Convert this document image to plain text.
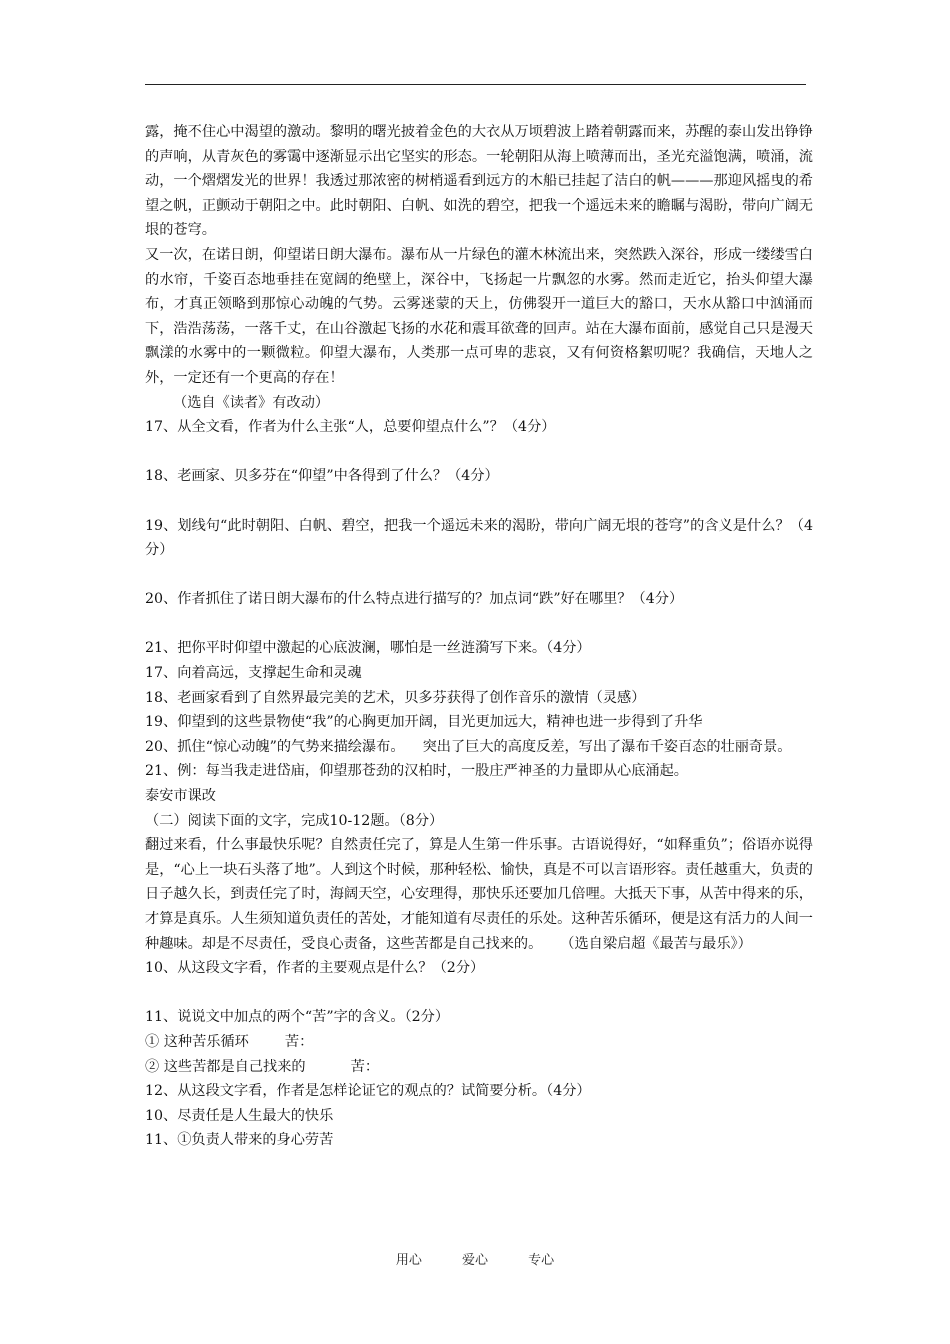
露，掩不住心中渴望的激动。黎明的曙光披着金色的大衣从万顷碧波上踏着朝露而来，苏醒的泰山发出铮铮的声响，从青灰色的雾霭中逐渐显示出它坚实的形态。一轮朝阳从海上喷薄而出，圣光充溢饱满，喷涌，流动，一个熠熠发光的世界！我透过那浓密的树梢遥看到远方的木船已挂起了洁白的帆———那迎风摇曳的希望之帆，正颤动于朝阳之中。此时朝阳、白帆、如洗的碧空，把我一个遥远未来的瞻瞩与渴盼，带向广阔无垠的苍穹。

又一次，在诺日朗，仰望诺日朗大瀑布。瀑布从一片绿色的灌木林流出来，突然跌入深谷，形成一缕缕雪白的水帘，千姿百态地垂挂在宽阔的绝壁上，深谷中，飞扬起一片飘忽的水雾。然而走近它，抬头仰望大瀑布，才真正领略到那惊心动魄的气势。云雾迷蒙的天上，仿佛裂开一道巨大的豁口，天水从豁口中汹涌而下，浩浩荡荡，一落千丈，在山谷激起飞扬的水花和震耳欲聋的回声。站在大瀑布面前，感觉自己只是漫天飘漾的水雾中的一颗微粒。仰望大瀑布，人类那一点可卑的悲哀，又有何资格絮叨呢？我确信，天地人之外，一定还有一个更高的存在！

（选自《读者》有改动）

17、从全文看，作者为什么主张“人，总要仰望点什么”？（4分）

18、老画家、贝多芬在“仰望”中各得到了什么？（4分）

19、划线句“此时朝阳、白帆、碧空，把我一个遥远未来的渴盼，带向广阔无垠的苍穹”的含义是什么？（4分）

20、作者抓住了诺日朗大瀑布的什么特点进行描写的？加点词“跌”好在哪里？（4分）

21、把你平时仰望中激起的心底波澜，哪怕是一丝涟漪写下来。（4分）

17、向着高远，支撑起生命和灵魂

18、老画家看到了自然界最完美的艺术，贝多芬获得了创作音乐的激情（灵感）

19、仰望到的这些景物使“我”的心胸更加开阔，目光更加远大，精神也进一步得到了升华

20、抓住“惊心动魄”的气势来描绘瀑布。    突出了巨大的高度反差，写出了瀑布千姿百态的壮丽奇景。

21、例：每当我走进岱庙，仰望那苍劲的汉柏时，一股庄严神圣的力量即从心底涌起。

泰安市课改

（二）阅读下面的文字，完成10-12题。（8分）

翻过来看，什么事最快乐呢？自然责任完了，算是人生第一件乐事。古语说得好，“如释重负”；俗语亦说得是，“心上一块石头落了地”。人到这个时候，那种轻松、愉快，真是不可以言语形容。责任越重大，负责的日子越久长，到责任完了时，海阔天空，心安理得，那快乐还要加几倍哩。大抵天下事，从苦中得来的乐，才算是真乐。人生须知道负责任的苦处，才能知道有尽责任的乐处。这种苦乐循环，便是这有活力的人间一种趣味。却是不尽责任，受良心责备，这些苦都是自己找来的。    （选自梁启超《最苦与最乐》）

10、从这段文字看，作者的主要观点是什么？（2分）

11、说说文中加点的两个“苦”字的含义。（2分）

① 这种苦乐循环        苦：

② 这些苦都是自己找来的          苦：

12、从这段文字看，作者是怎样论证它的观点的？试简要分析。（4分）

10、尽责任是人生最大的快乐

11、①负责人带来的身心劳苦

用心	爱心	专心
